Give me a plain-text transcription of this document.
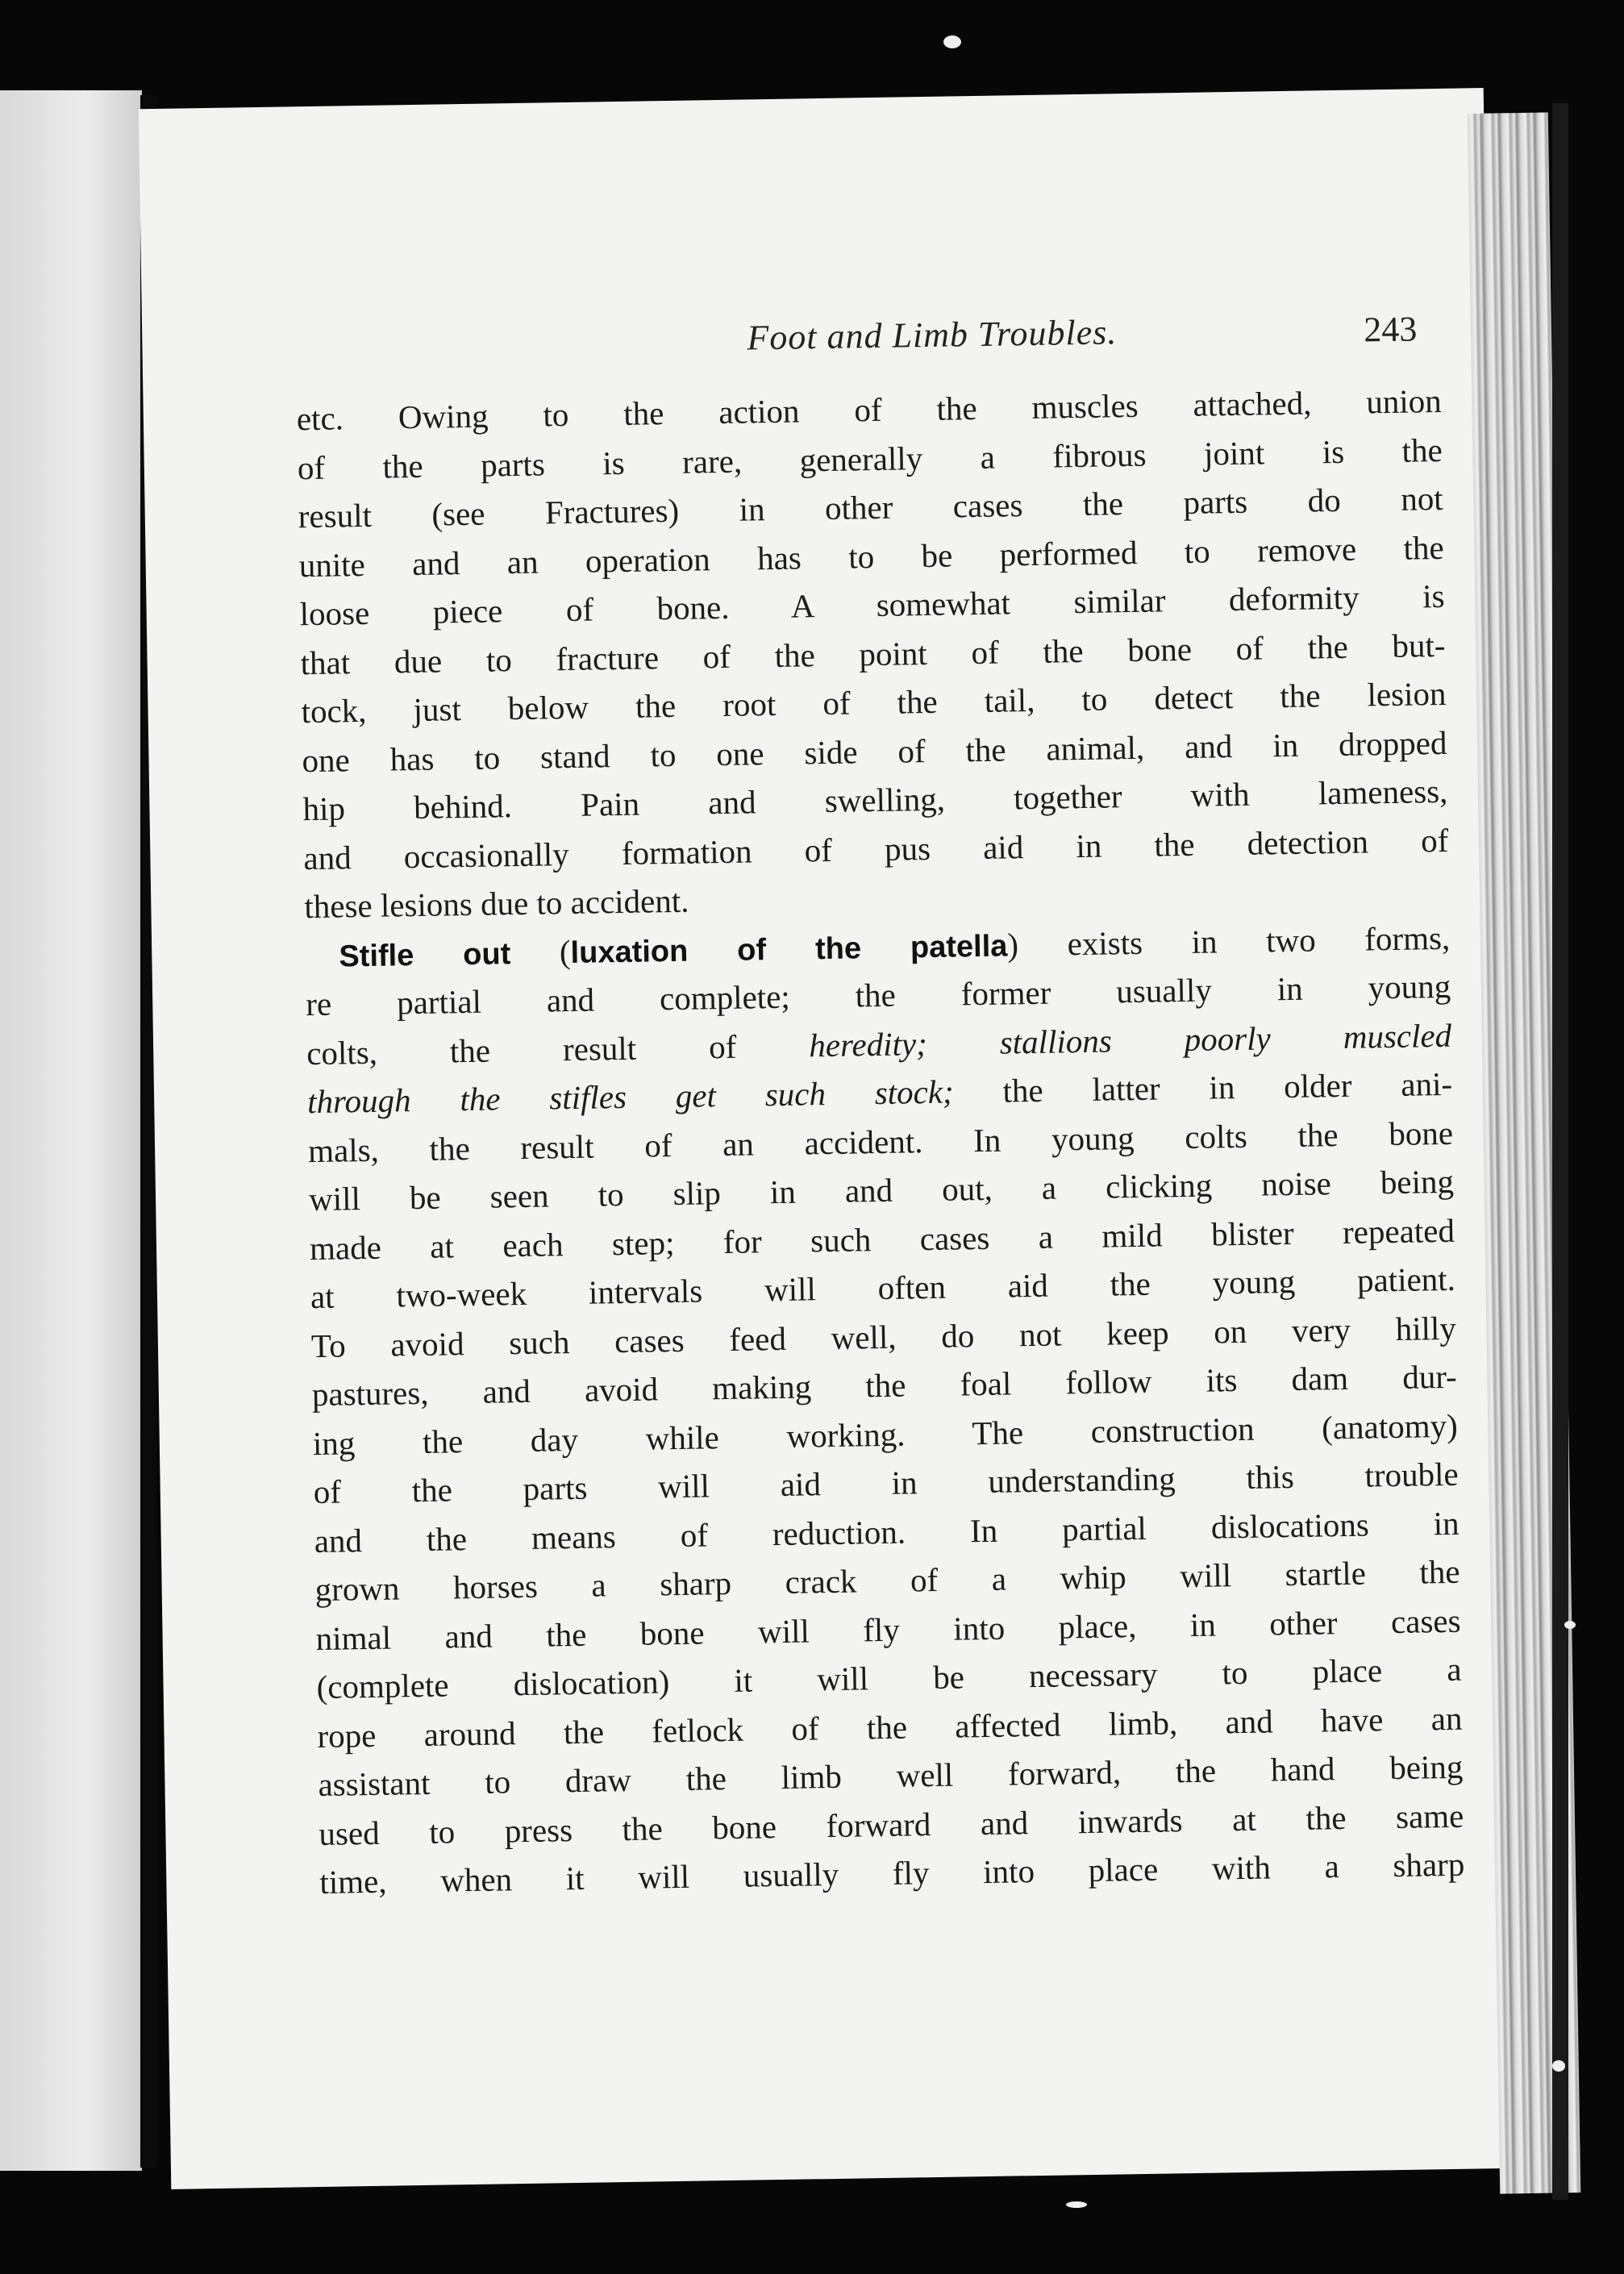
Foot and Limb Troubles.	243
etc. Owing to the action of the muscles attached, union
of the parts is rare, generally a fibrous joint is the
result (see Fractures) in other cases the parts do not
unite and an operation has to be performed to remove the
loose piece of bone. A somewhat similar deformity is
that due to fracture of the point of the bone of the but-
tock, just below the root of the tail, to detect the lesion
one has to stand to one side of the animal, and in dropped
hip behind. Pain and swelling, together with lameness,
and occasionally formation of pus aid in the detection of
these lesions due to accident.
Stifle out (luxation of the patella) exists in two forms,
re partial and complete; the former usually in young
colts, the result of heredity; stallions poorly muscled
through the stifles get such stock; the latter in older ani-
mals, the result of an accident. In young colts the bone
will be seen to slip in and out, a clicking noise being
made at each step; for such cases a mild blister repeated
at two-week intervals will often aid the young patient.
To avoid such cases feed well, do not keep on very hilly
pastures, and avoid making the foal follow its dam dur-
ing the day while working. The construction (anatomy)
of the parts will aid in understanding this trouble
and the means of reduction. In partial dislocations in
grown horses a sharp crack of a whip will startle the
nimal and the bone will fly into place, in other cases
(complete dislocation) it will be necessary to place a
rope around the fetlock of the affected limb, and have an
assistant to draw the limb well forward, the hand being
used to press the bone forward and inwards at the same
time, when it will usually fly into place with a sharp
